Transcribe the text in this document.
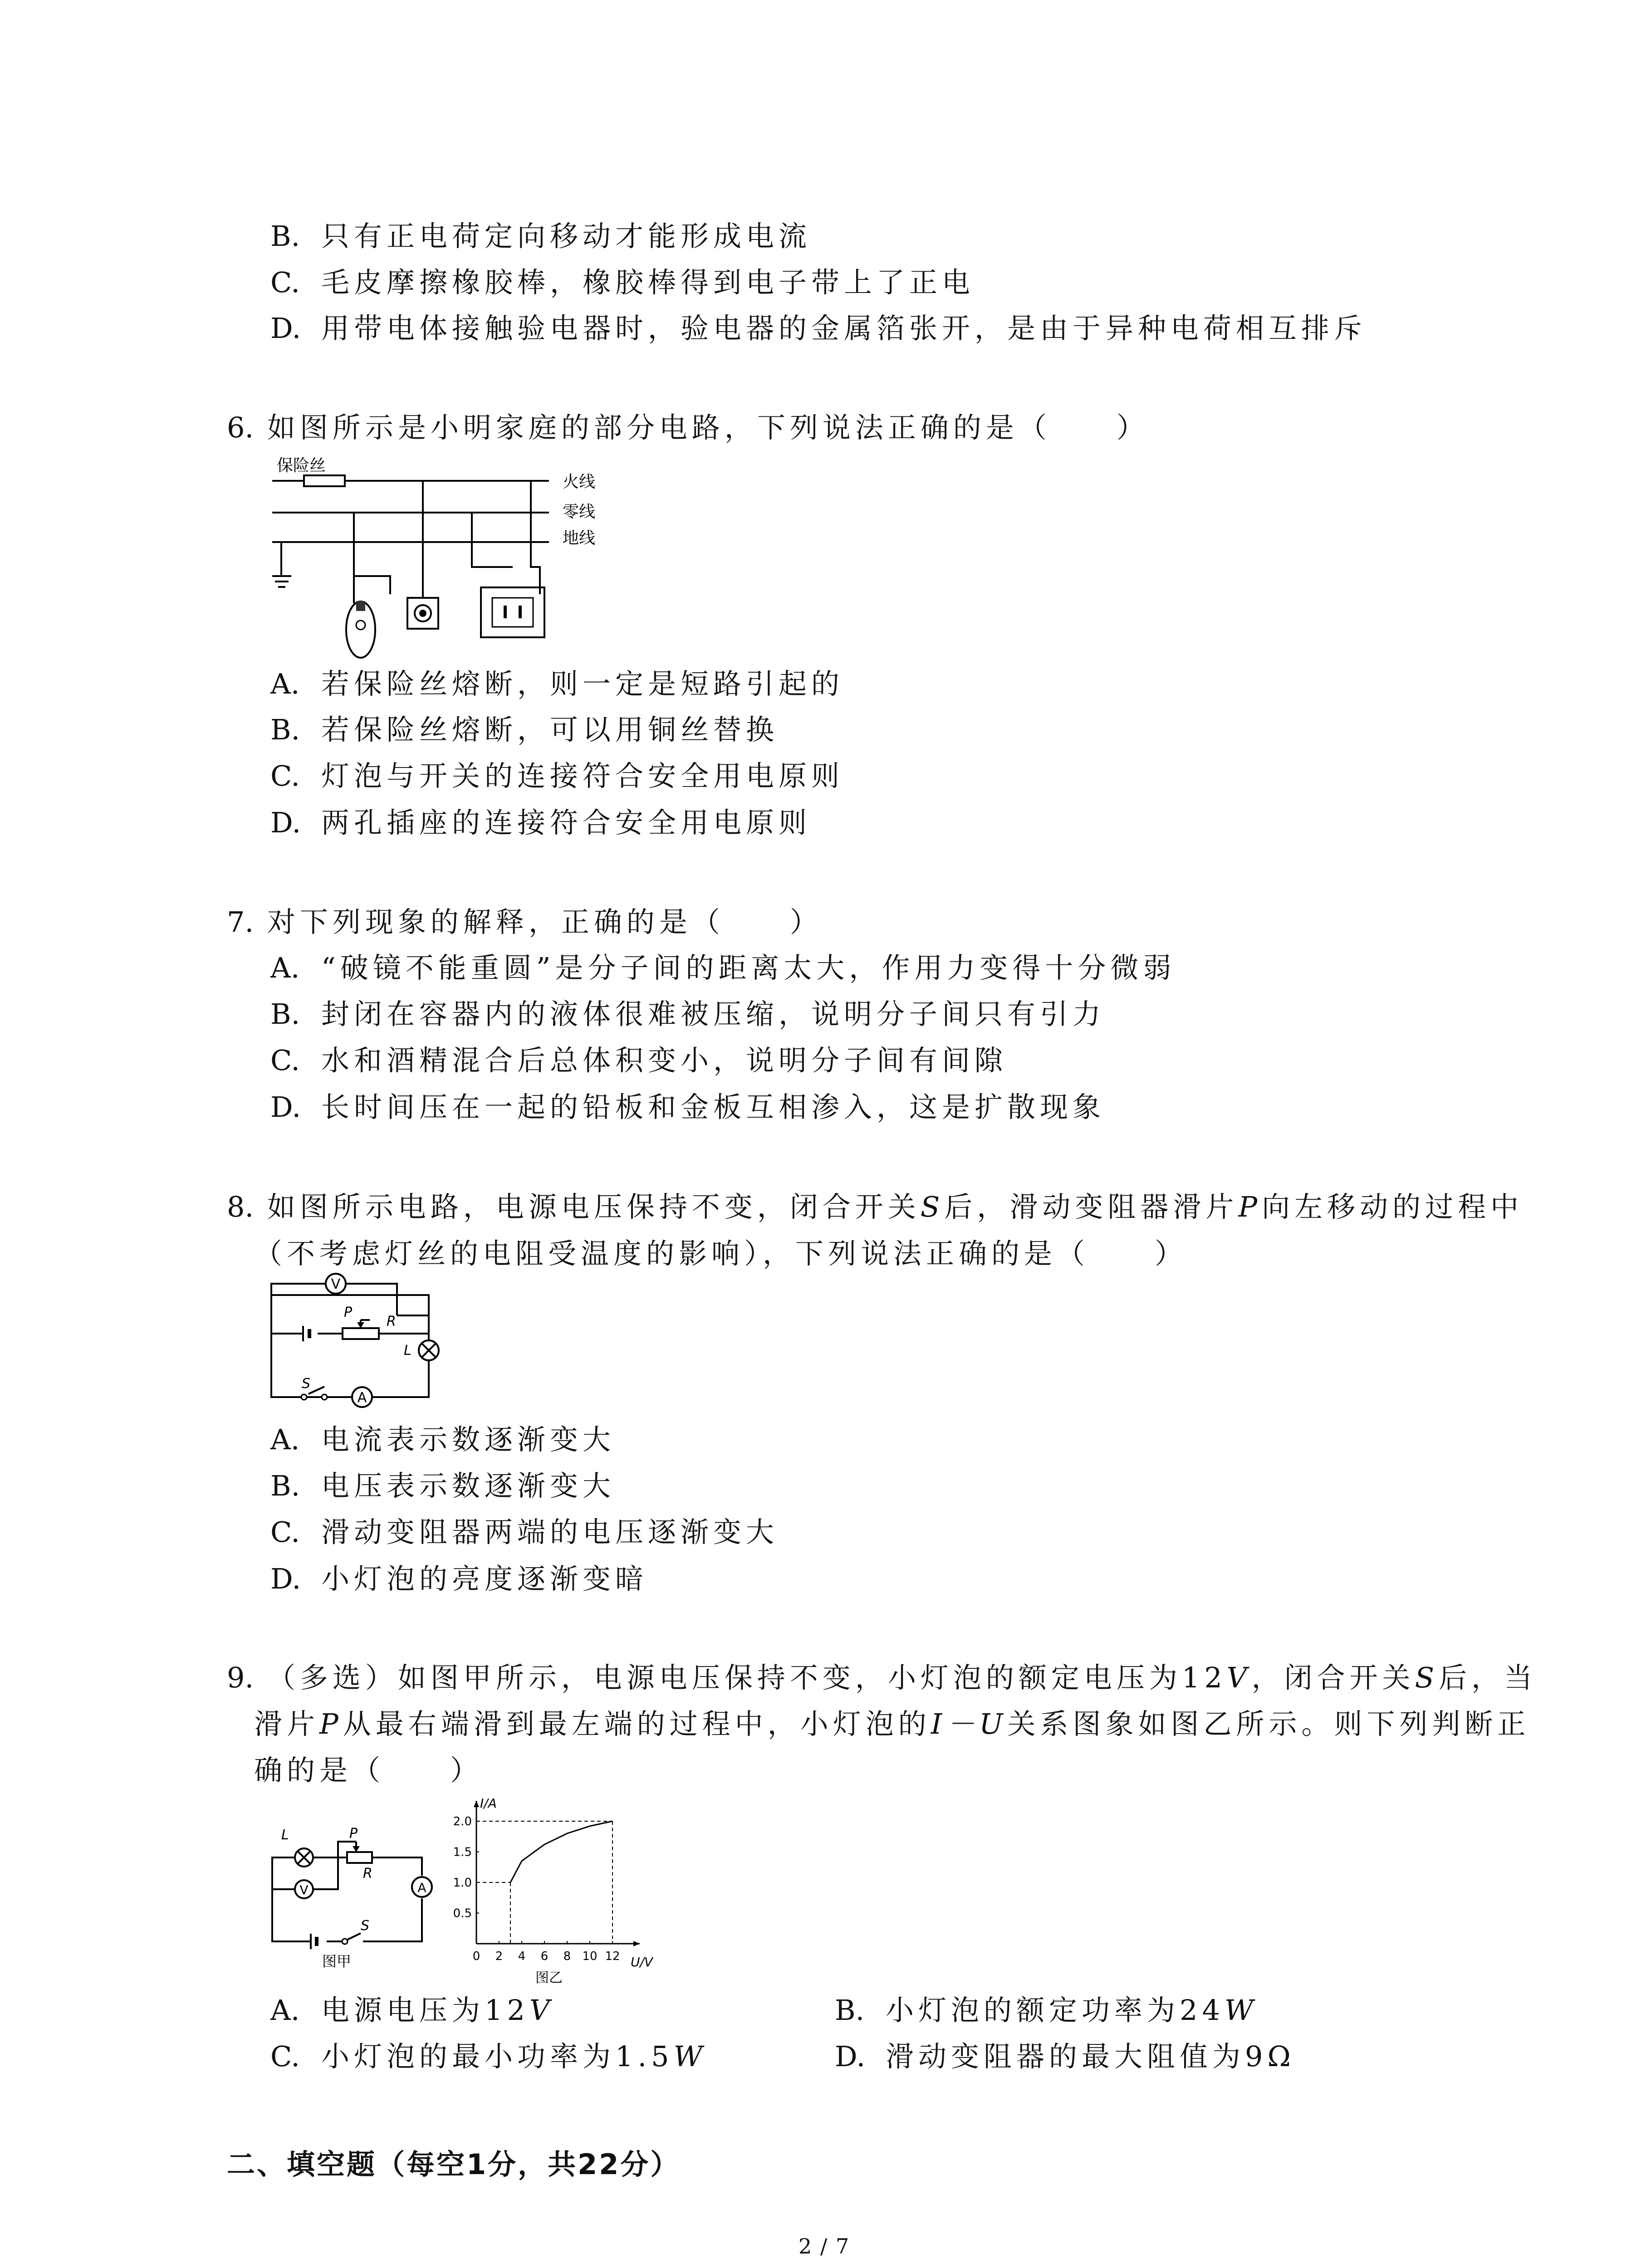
B. 只有正电荷定向移动才能形成电流
C. 毛皮摩擦橡胶棒，橡胶棒得到电子带上了正电
D. 用带电体接触验电器时，验电器的金属箔张开，是由于异种电荷相互排斥
6. 如图所示是小明家庭的部分电路，下列说法正确的是（　　）
保险丝
火线
零线
地线
A. 若保险丝熔断，则一定是短路引起的
B. 若保险丝熔断，可以用铜丝替换
C. 灯泡与开关的连接符合安全用电原则
D. 两孔插座的连接符合安全用电原则
7. 对下列现象的解释，正确的是（　　）
A. “破镜不能重圆”是分子间的距离太大，作用力变得十分微弱
B. 封闭在容器内的液体很难被压缩，说明分子间只有引力
C. 水和酒精混合后总体积变小，说明分子间有间隙
D. 长时间压在一起的铅板和金板互相渗入，这是扩散现象
8. 如图所示电路，电源电压保持不变，闭合开关S后，滑动变阻器滑片P向左移动的过程中
（不考虑灯丝的电阻受温度的影响），下列说法正确的是（　　）
V
A
P
R
L
S
A. 电流表示数逐渐变大
B. 电压表示数逐渐变大
C. 滑动变阻器两端的电压逐渐变大
D. 小灯泡的亮度逐渐变暗
9. （多选）如图甲所示，电源电压保持不变，小灯泡的额定电压为12V，闭合开关S后，当
滑片P从最右端滑到最左端的过程中，小灯泡的I－U关系图象如图乙所示。则下列判断正
确的是（　　）
V	A
L	P
R
S
图甲	0 2 4 6 8 10 12
0.5
1.0
1.5
2.0
I/A
U/V
图乙
A. 电源电压为12V	B. 小灯泡的额定功率为24W
C. 小灯泡的最小功率为1.5W	D. 滑动变阻器的最大阻值为9Ω
二、填空题（每空1分，共22分）
2 / 7
